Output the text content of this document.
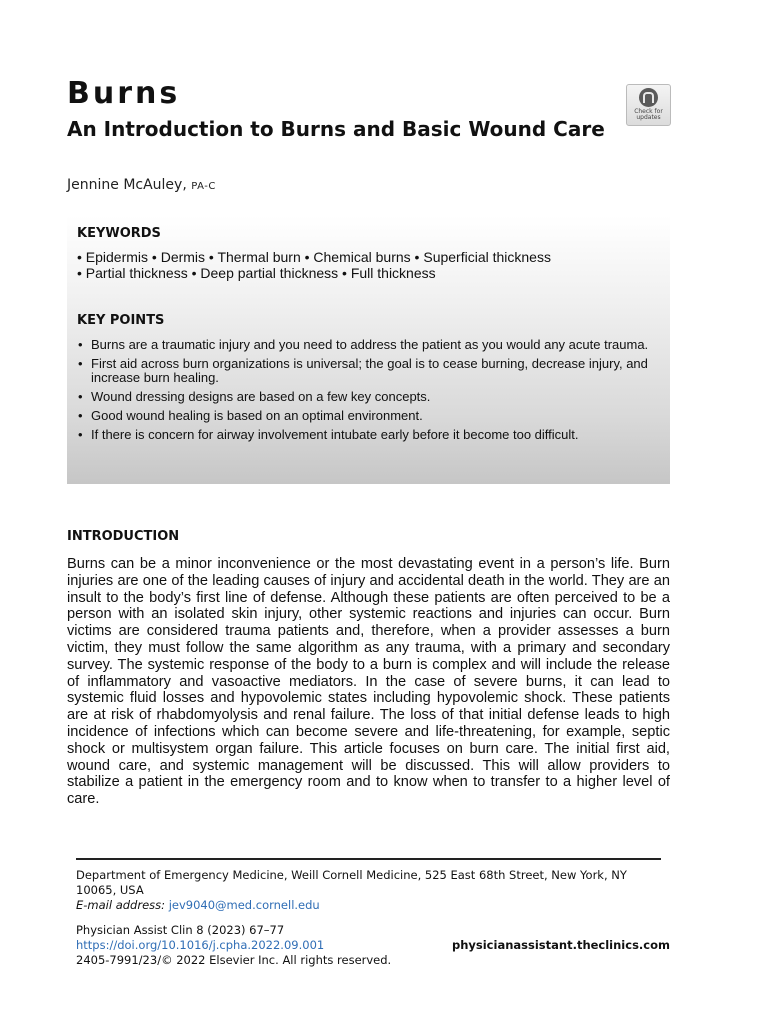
Burns
An Introduction to Burns and Basic Wound Care
Check for updates
Jennine McAuley, PA-C
KEYWORDS
• Epidermis • Dermis • Thermal burn • Chemical burns • Superficial thickness
• Partial thickness • Deep partial thickness • Full thickness
KEY POINTS
• Burns are a traumatic injury and you need to address the patient as you would any acute trauma.
• First aid across burn organizations is universal; the goal is to cease burning, decrease injury, and increase burn healing.
• Wound dressing designs are based on a few key concepts.
• Good wound healing is based on an optimal environment.
• If there is concern for airway involvement intubate early before it become too difficult.
INTRODUCTION

Burns can be a minor inconvenience or the most devastating event in a person’s life. Burn injuries are one of the leading causes of injury and accidental death in the world. They are an insult to the body’s first line of defense. Although these patients are often perceived to be a person with an isolated skin injury, other systemic reactions and injuries can occur. Burn victims are considered trauma patients and, therefore, when a provider assesses a burn victim, they must follow the same algorithm as any trauma, with a primary and secondary survey. The systemic response of the body to a burn is complex and will include the release of inflammatory and vasoactive mediators. In the case of severe burns, it can lead to systemic fluid losses and hypovolemic states including hypovolemic shock. These patients are at risk of rhabdomyolysis and renal failure. The loss of that initial defense leads to high incidence of infections which can become severe and life-threatening, for example, septic shock or multisystem organ failure. This article focuses on burn care. The initial first aid, wound care, and systemic management will be discussed. This will allow providers to stabilize a patient in the emergency room and to know when to transfer to a higher level of care.

Department of Emergency Medicine, Weill Cornell Medicine, 525 East 68th Street, New York, NY 10065, USA
E-mail address: jev9040@med.cornell.edu
Physician Assist Clin 8 (2023) 67–77
https://doi.org/10.1016/j.cpha.2022.09.001
2405-7991/23/© 2022 Elsevier Inc. All rights reserved.
physicianassistant.theclinics.com
